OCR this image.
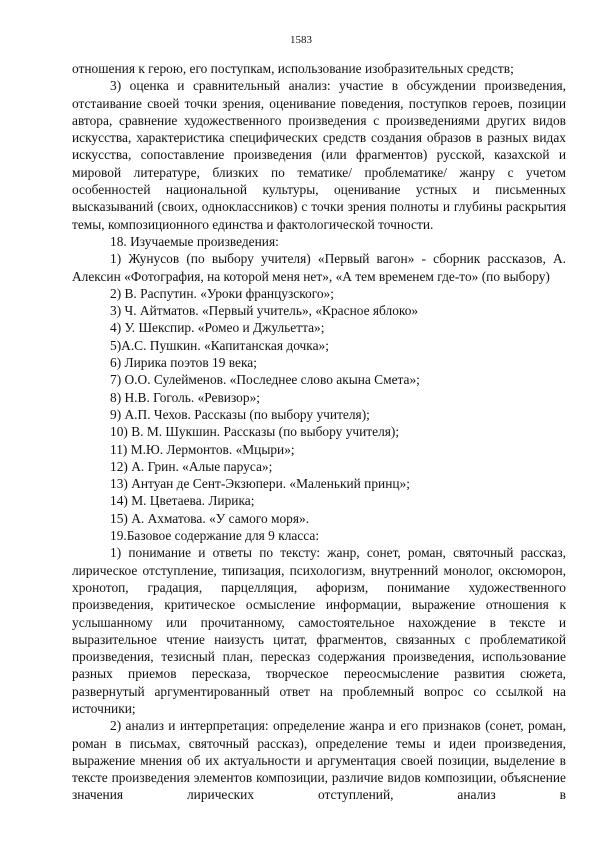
1583

отношения к герою, его поступкам, использование изобразительных средств;

3) оценка и сравнительный анализ: участие в обсуждении произведения, отстаивание своей точки зрения, оценивание поведения, поступков героев, позиции автора, сравнение художественного произведения с произведениями других видов искусства, характеристика специфических средств создания образов в разных видах искусства, сопоставление произведения (или фрагментов) русской, казахской и мировой литературе, близких по тематике/ проблематике/ жанру с учетом особенностей национальной культуры, оценивание устных и письменных высказываний (своих, одноклассников) с точки зрения полноты и глубины раскрытия темы, композиционного единства и фактологической точности.

18. Изучаемые произведения:

1) Жунусов (по выбору учителя) «Первый вагон» - сборник рассказов, А. Алексин «Фотография, на которой меня нет», «А тем временем где-то» (по выбору)

2) В. Распутин. «Уроки французского»;

3) Ч. Айтматов. «Первый учитель», «Красное яблоко»

4) У. Шекспир. «Ромео и Джульетта»;

5)А.С. Пушкин. «Капитанская дочка»;

6) Лирика поэтов 19 века;

7) О.О. Сулейменов. «Последнее слово акына Смета»;

8) Н.В. Гоголь. «Ревизор»;

9) А.П. Чехов. Рассказы (по выбору учителя);

10) В. М. Шукшин. Рассказы (по выбору учителя);

11) М.Ю. Лермонтов. «Мцыри»;

12) А. Грин. «Алые паруса»;

13) Антуан де Сент-Экзюпери. «Маленький принц»;

14) М. Цветаева. Лирика;

15) А. Ахматова. «У самого моря».

19.Базовое содержание для 9 класса:

1) понимание и ответы по тексту: жанр, сонет, роман, святочный рассказ, лирическое отступление, типизация, психологизм, внутренний монолог, оксюморон, хронотоп, градация, парцелляция, афоризм, понимание художественного произведения, критическое осмысление информации, выражение отношения к услышанному или прочитанному, самостоятельное нахождение в тексте и выразительное чтение наизусть цитат, фрагментов, связанных с проблематикой произведения, тезисный план, пересказ содержания произведения, использование разных приемов пересказа, творческое переосмысление развития сюжета, развернутый аргументированный ответ на проблемный вопрос со ссылкой на источники;

2) анализ и интерпретация: определение жанра и его признаков (сонет, роман, роман в письмах, святочный рассказ), определение темы и идеи произведения, выражение мнения об их актуальности и аргументация своей позиции, выделение в тексте произведения элементов композиции, различие видов композиции, объяснение значения лирических отступлений, анализ в
